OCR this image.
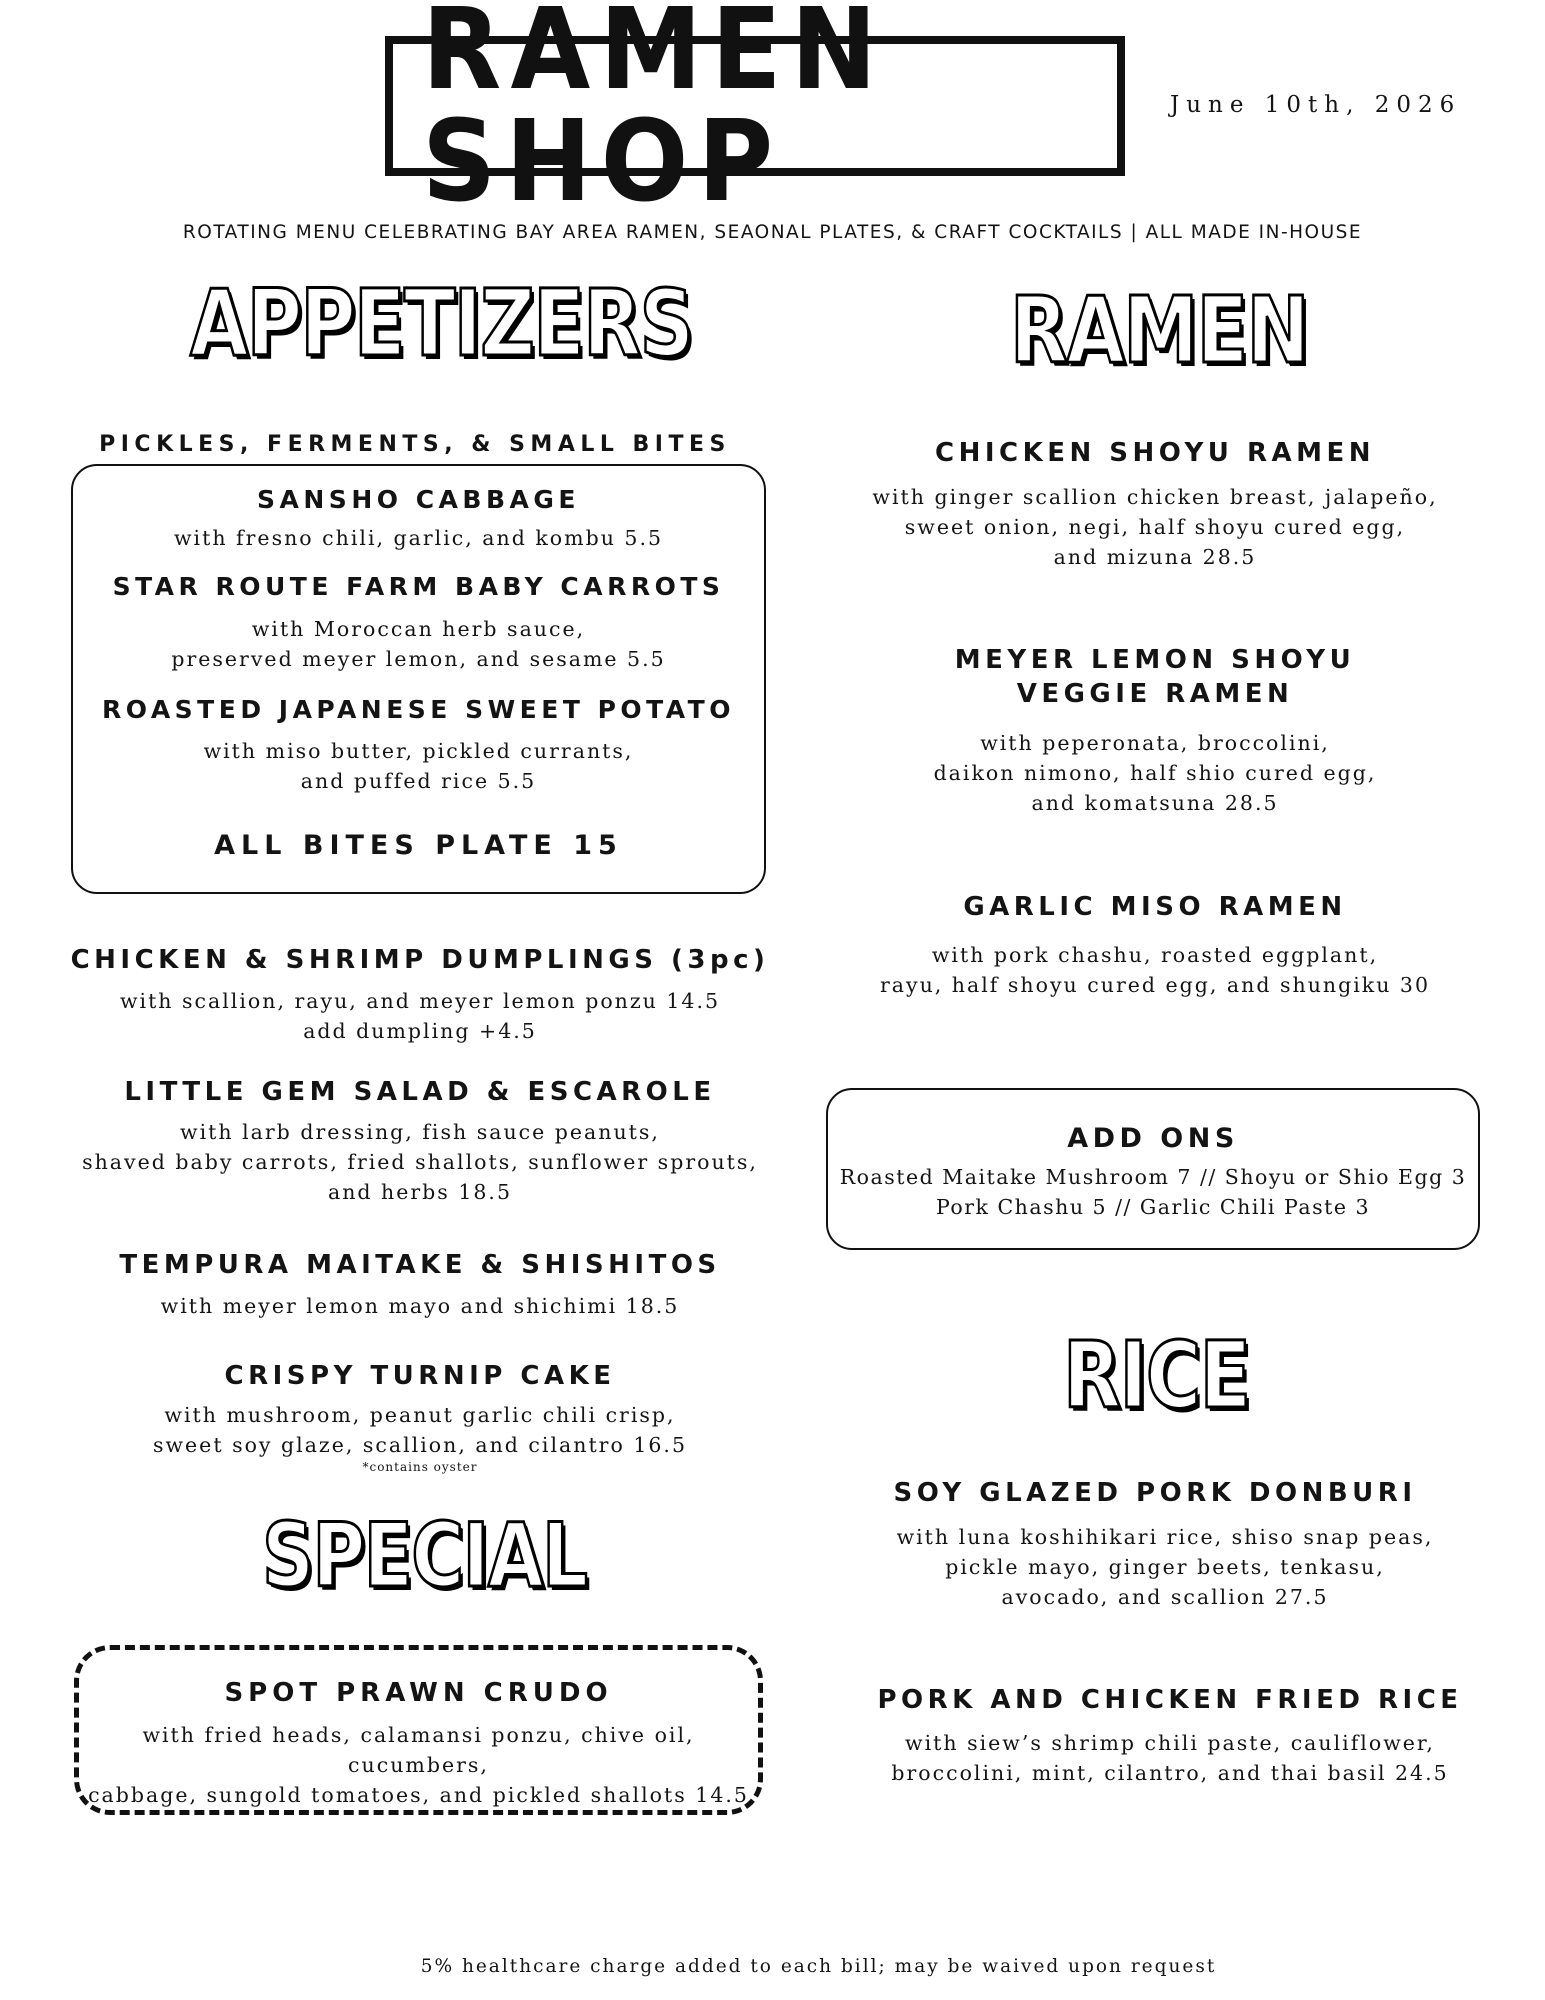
RAMEN SHOP	June 10th, 2026
ROTATING MENU CELEBRATING BAY AREA RAMEN, SEAONAL PLATES, & CRAFT COCKTAILS | ALL MADE IN-HOUSE
APPETIZERS	RAMEN
RICE
SPECIAL
PICKLES, FERMENTS, & SMALL BITES
SANSHO CABBAGE
with fresno chili, garlic, and kombu 5.5
STAR ROUTE FARM BABY CARROTS
with Moroccan herb sauce,
preserved meyer lemon, and sesame 5.5
ROASTED JAPANESE SWEET POTATO
with miso butter, pickled currants,
and puffed rice 5.5
ALL BITES PLATE 15
CHICKEN & SHRIMP DUMPLINGS (3pc)
with scallion, rayu, and meyer lemon ponzu 14.5
add dumpling +4.5
LITTLE GEM SALAD & ESCAROLE
with larb dressing, fish sauce peanuts,
shaved baby carrots, fried shallots, sunflower sprouts,
and herbs 18.5
TEMPURA MAITAKE & SHISHITOS
with meyer lemon mayo and shichimi 18.5
CRISPY TURNIP CAKE
with mushroom, peanut garlic chili crisp,
sweet soy glaze, scallion, and cilantro 16.5
*contains oyster
SPOT PRAWN CRUDO
with fried heads, calamansi ponzu, chive oil, cucumbers,
cabbage, sungold tomatoes, and pickled shallots 14.5
CHICKEN SHOYU RAMEN
with ginger scallion chicken breast, jalapeño,
sweet onion, negi, half shoyu cured egg,
and mizuna 28.5
MEYER LEMON SHOYU
VEGGIE RAMEN
with peperonata, broccolini,
daikon nimono, half shio cured egg,
and komatsuna 28.5
GARLIC MISO RAMEN
with pork chashu, roasted eggplant,
rayu, half shoyu cured egg, and shungiku 30
ADD ONS
Roasted Maitake Mushroom 7 // Shoyu or Shio Egg 3
Pork Chashu 5 // Garlic Chili Paste 3
SOY GLAZED PORK DONBURI
with luna koshihikari rice, shiso snap peas,
pickle mayo, ginger beets, tenkasu,
avocado, and scallion 27.5
PORK AND CHICKEN FRIED RICE
with siew’s shrimp chili paste, cauliflower,
broccolini, mint, cilantro, and thai basil 24.5
5% healthcare charge added to each bill; may be waived upon request
